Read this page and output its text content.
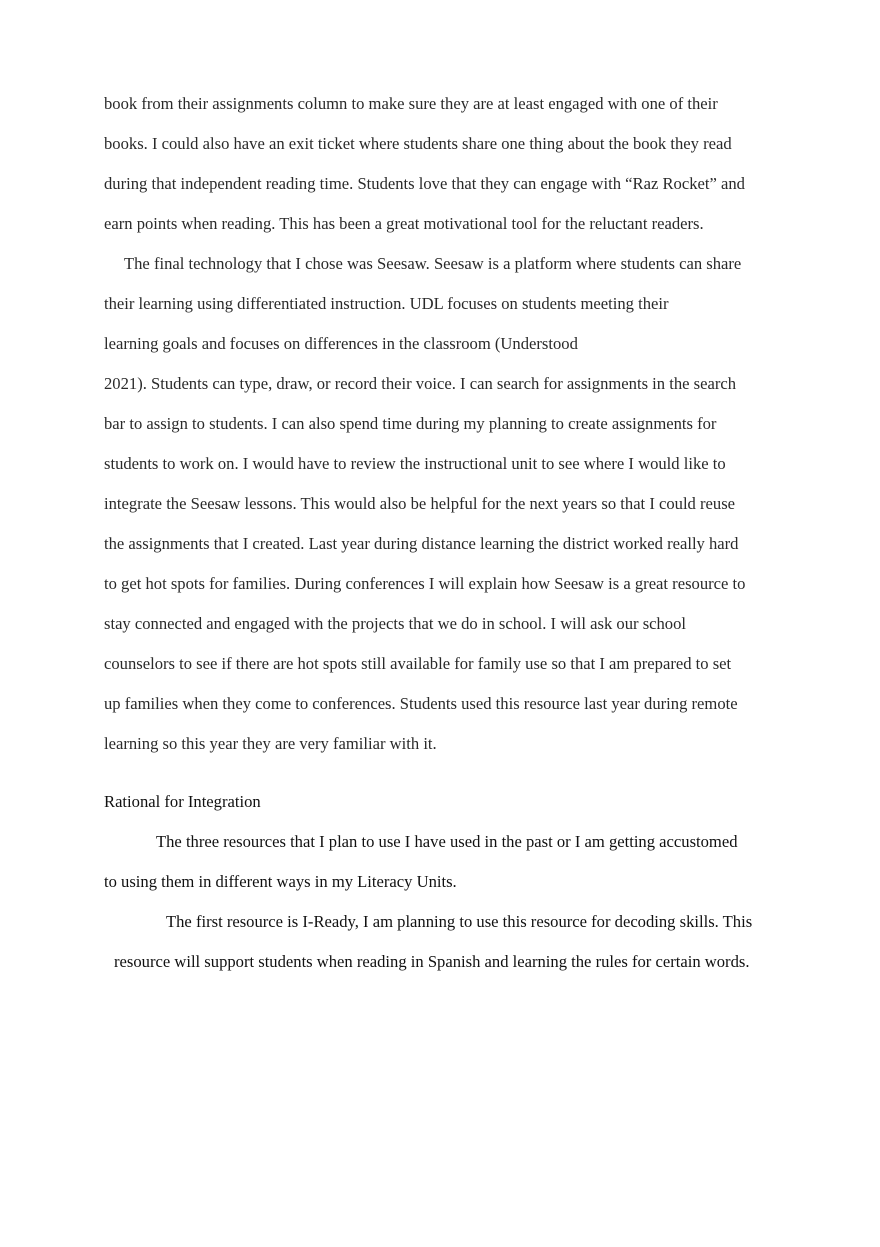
book from their assignments column to make sure they are at least engaged with one of their
books. I could also have an exit ticket where students share one thing about the book they read
during that independent reading time. Students love that they can engage with “Raz Rocket” and
earn points when reading. This has been a great motivational tool for the reluctant readers.
The final technology that I chose was Seesaw. Seesaw is a platform where students can share
their learning using differentiated instruction. UDL focuses on students meeting their
learning goals and focuses on differences in the classroom (Understood
2021). Students can type, draw, or record their voice. I can search for assignments in the search
bar to assign to students. I can also spend time during my planning to create assignments for
students to work on. I would have to review the instructional unit to see where I would like to
integrate the Seesaw lessons. This would also be helpful for the next years so that I could reuse
the assignments that I created. Last year during distance learning the district worked really hard
to get hot spots for families. During conferences I will explain how Seesaw is a great resource to
stay connected and engaged with the projects that we do in school. I will ask our school
counselors to see if there are hot spots still available for family use so that I am prepared to set
up families when they come to conferences. Students used this resource last year during remote
learning so this year they are very familiar with it.
Rational for Integration
The three resources that I plan to use I have used in the past or I am getting accustomed
to using them in different ways in my Literacy Units.
The first resource is I-Ready, I am planning to use this resource for decoding skills. This
resource will support students when reading in Spanish and learning the rules for certain words.
